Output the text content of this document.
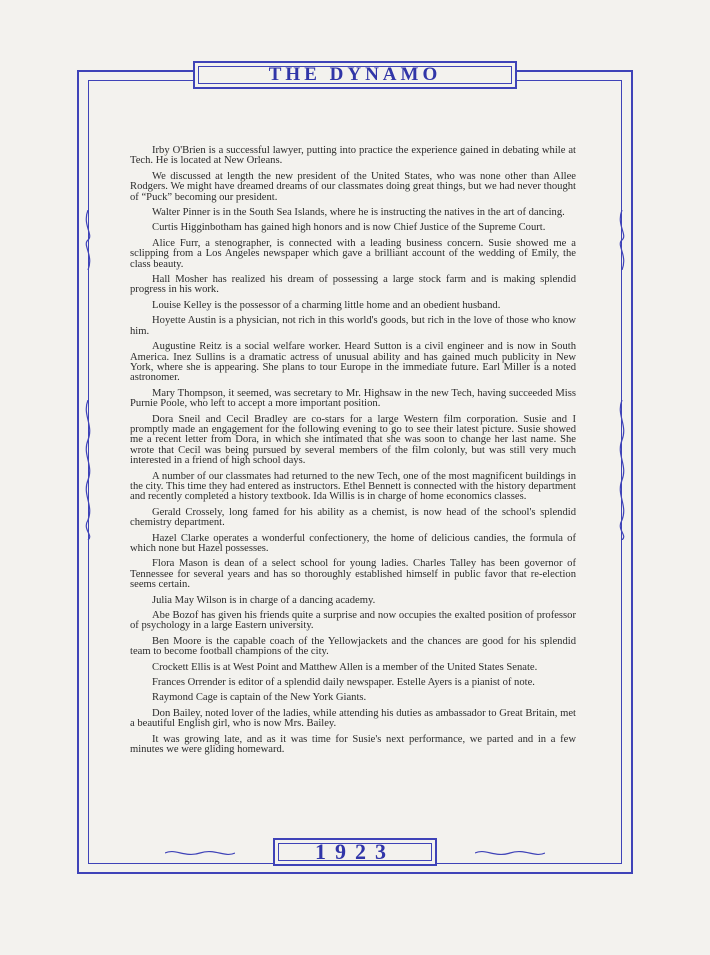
THE DYNAMO

Irby O'Brien is a successful lawyer, putting into practice the experience gained in debating while at Tech. He is located at New Orleans.

We discussed at length the new president of the United States, who was none other than Allee Rodgers. We might have dreamed dreams of our classmates doing great things, but we had never thought of “Puck” becoming our president.

Walter Pinner is in the South Sea Islands, where he is instructing the natives in the art of dancing.

Curtis Higginbotham has gained high honors and is now Chief Justice of the Supreme Court.

Alice Furr, a stenographer, is connected with a leading business concern. Susie showed me a sclipping from a Los Angeles newspaper which gave a brilliant account of the wedding of Emily, the class beauty.

Hall Mosher has realized his dream of possessing a large stock farm and is making splendid progress in his work.

Louise Kelley is the possessor of a charming little home and an obedient husband.

Hoyette Austin is a physician, not rich in this world's goods, but rich in the love of those who know him.

Augustine Reitz is a social welfare worker. Heard Sutton is a civil engineer and is now in South America. Inez Sullins is a dramatic actress of unusual ability and has gained much publicity in New York, where she is appearing. She plans to tour Europe in the immediate future. Earl Miller is a noted astronomer.

Mary Thompson, it seemed, was secretary to Mr. Highsaw in the new Tech, having succeeded Miss Purnie Poole, who left to accept a more important position.

Dora Sneil and Cecil Bradley are co-stars for a large Western film corporation. Susie and I promptly made an engagement for the following evening to go to see their latest picture. Susie showed me a recent letter from Dora, in which she intimated that she was soon to change her last name. She wrote that Cecil was being pursued by several members of the film colonly, but was still very much interested in a friend of high school days.

A number of our classmates had returned to the new Tech, one of the most magnificent buildings in the city. This time they had entered as instructors. Ethel Bennett is connected with the history department and recently completed a history textbook. Ida Willis is in charge of home economics classes.

Gerald Crossely, long famed for his ability as a chemist, is now head of the school's splendid chemistry department.

Hazel Clarke operates a wonderful confectionery, the home of delicious candies, the formula of which none but Hazel possesses.

Flora Mason is dean of a select school for young ladies. Charles Talley has been governor of Tennessee for several years and has so thoroughly established himself in public favor that re-election seems certain.

Julia May Wilson is in charge of a dancing academy.

Abe Bozof has given his friends quite a surprise and now occupies the exalted position of professor of psychology in a large Eastern university.

Ben Moore is the capable coach of the Yellowjackets and the chances are good for his splendid team to become football champions of the city.

Crockett Ellis is at West Point and Matthew Allen is a member of the United States Senate.

Frances Orrender is editor of a splendid daily newspaper. Estelle Ayers is a pianist of note.

Raymond Cage is captain of the New York Giants.

Don Bailey, noted lover of the ladies, while attending his duties as ambassador to Great Britain, met a beautiful English girl, who is now Mrs. Bailey.

It was growing late, and as it was time for Susie's next performance, we parted and in a few minutes we were gliding homeward.

1923
